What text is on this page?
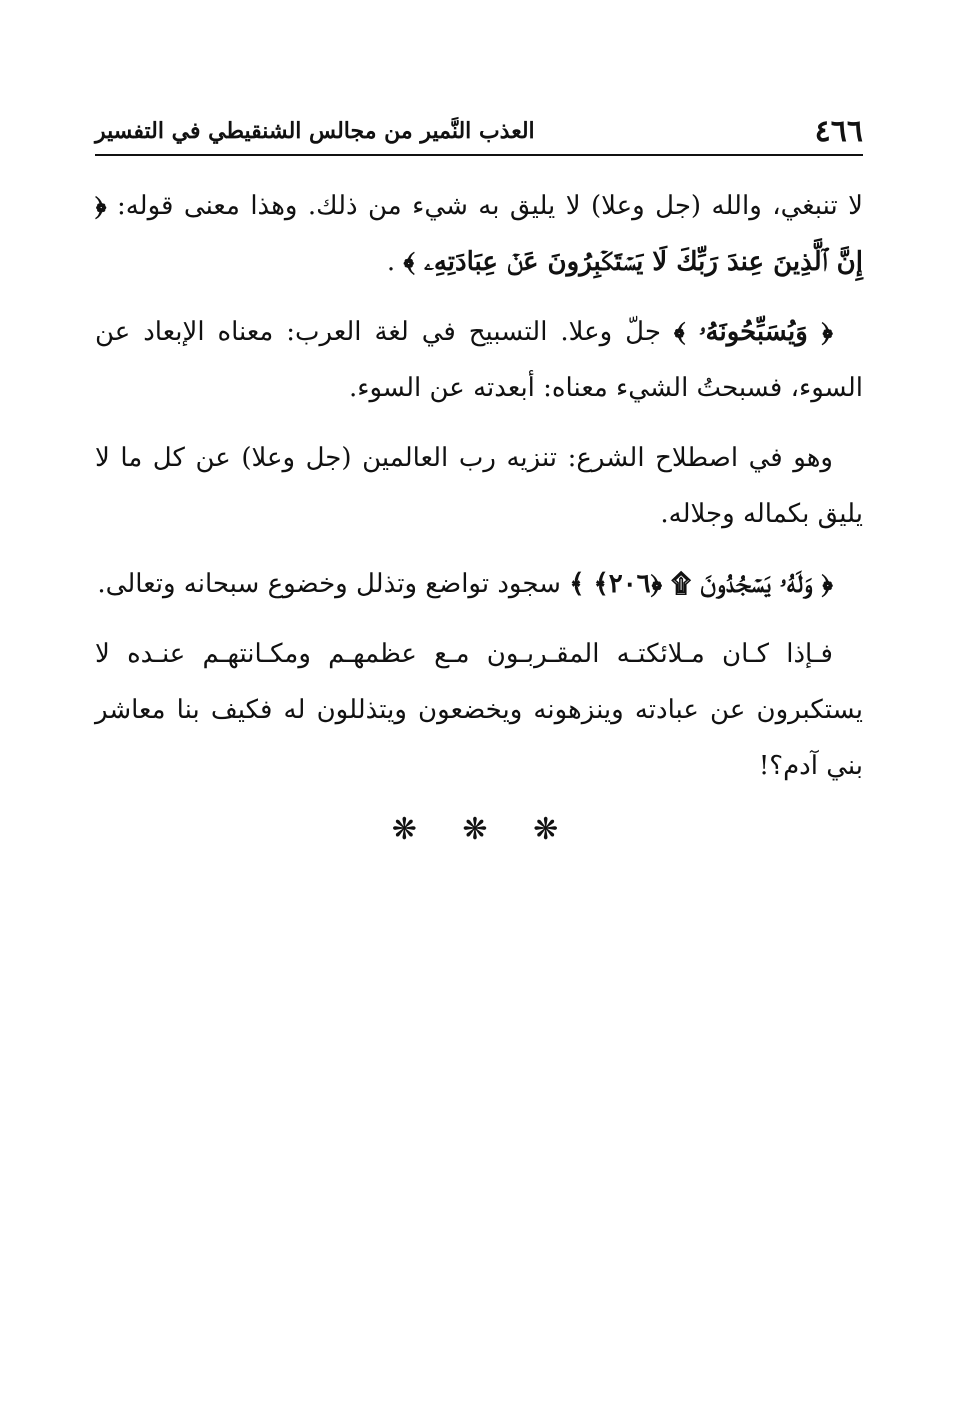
٤٦٦
العذب النَّمير من مجالس الشنقيطي في التفسير

لا تنبغي، والله (جل وعلا) لا يليق به شيء من ذلك. وهذا معنى قوله: ﴿ إِنَّ ٱلَّذِينَ عِندَ رَبِّكَ لَا يَسۡتَكۡبِرُونَ عَنۡ عِبَادَتِهِۦ ﴾ .

﴿ وَيُسَبِّحُونَهُۥ ﴾ جلّ وعلا. التسبيح في لغة العرب: معناه الإبعاد عن السوء، فسبحتُ الشيء معناه: أبعدته عن السوء.

وهو في اصطلاح الشرع: تنزيه رب العالمين (جل وعلا) عن كل ما لا يليق بكماله وجلاله.

﴿ وَلَهُۥ يَسۡجُدُونَ ۩ ﴿٢٠٦﴾ ﴾ سجود تواضع وتذلل وخضوع سبحانه وتعالى.

فـإذا كـان مـلائكتـه المقـربـون مـع عظمهـم ومكـانتهـم عنـده لا يستكبرون عن عبادته وينزهونه ويخضعون ويتذللون له فكيف بنا معاشر بني آدم؟!

❋ ❋ ❋
